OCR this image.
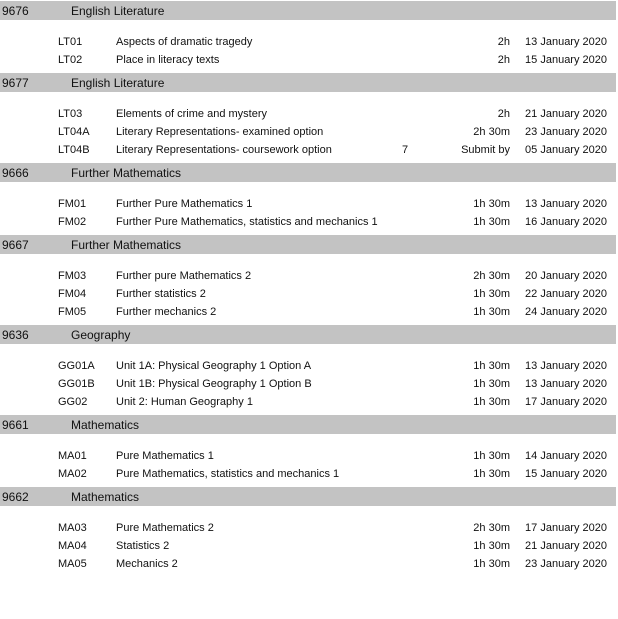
9676	English Literature
LT01	Aspects of dramatic tragedy	2h 13 January 2020
LT02	Place in literacy texts	2h 15 January 2020
9677	English Literature
LT03	Elements of crime and mystery	2h 21 January 2020
LT04A Literary Representations- examined option	2h 30m 23 January 2020
LT04B Literary Representations- coursework option	7	Submit by 05 January 2020
9666	Further Mathematics
FM01	Further Pure Mathematics 1	1h 30m 13 January 2020
FM02	Further Pure Mathematics, statistics and mechanics 1	1h 30m 16 January 2020
9667	Further Mathematics
FM03	Further pure Mathematics 2	2h 30m 20 January 2020
FM04	Further statistics 2	1h 30m 22 January 2020
FM05	Further mechanics 2	1h 30m 24 January 2020
9636	Geography
GG01A Unit 1A: Physical Geography 1 Option A	1h 30m 13 January 2020
GG01B Unit 1B: Physical Geography 1 Option B	1h 30m 13 January 2020
GG02	Unit 2: Human Geography 1	1h 30m 17 January 2020
9661	Mathematics
MA01	Pure Mathematics 1	1h 30m 14 January 2020
MA02	Pure Mathematics, statistics and mechanics 1	1h 30m 15 January 2020
9662	Mathematics
MA03	Pure Mathematics 2	2h 30m 17 January 2020
MA04	Statistics 2	1h 30m 21 January 2020
MA05	Mechanics 2	1h 30m 23 January 2020
